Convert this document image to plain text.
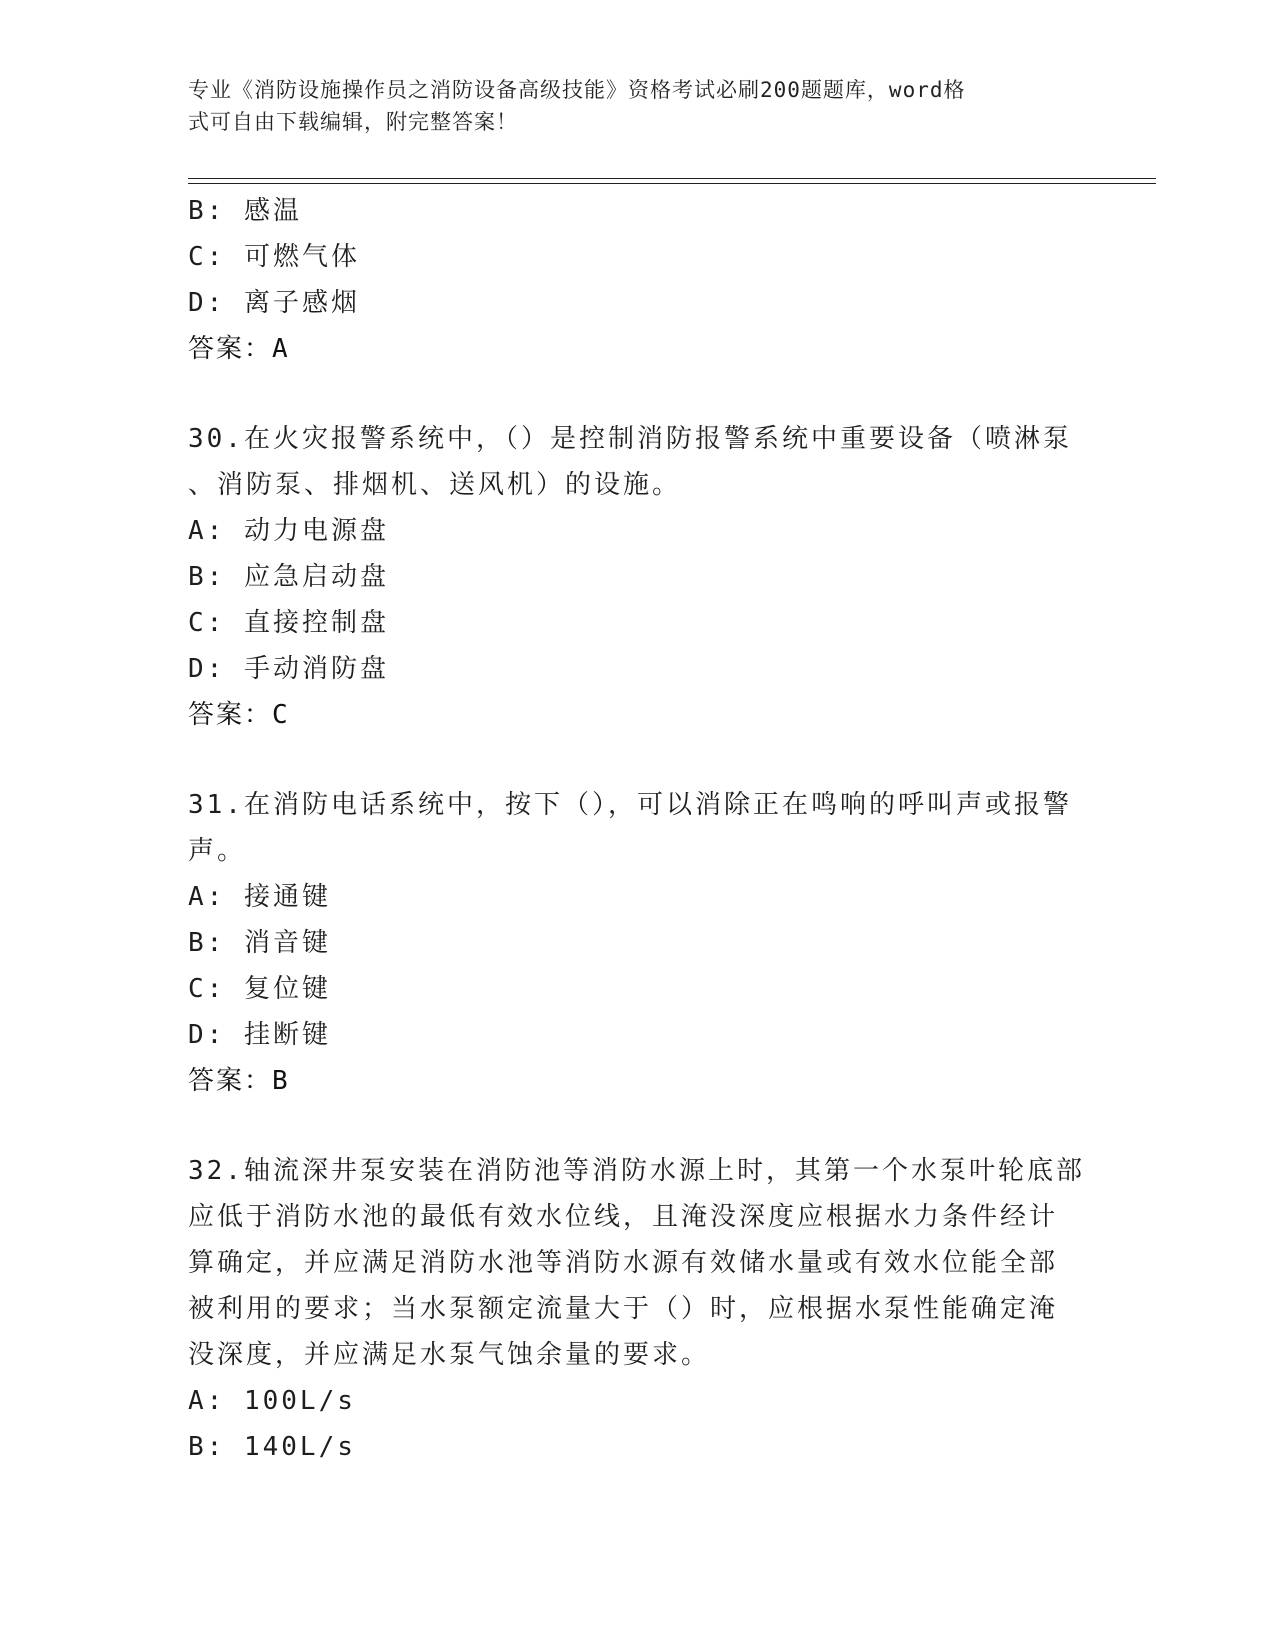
专业《消防设施操作员之消防设备高级技能》资格考试必刷200题题库，word格
式可自由下载编辑，附完整答案！
B: 感温
C: 可燃气体
D: 离子感烟
答案：A
30.在火灾报警系统中，（）是控制消防报警系统中重要设备（喷淋泵
、消防泵、排烟机、送风机）的设施。
A: 动力电源盘
B: 应急启动盘
C: 直接控制盘
D: 手动消防盘
答案：C
31.在消防电话系统中，按下（），可以消除正在鸣响的呼叫声或报警
声。
A: 接通键
B: 消音键
C: 复位键
D: 挂断键
答案：B
32.轴流深井泵安装在消防池等消防水源上时，其第一个水泵叶轮底部
应低于消防水池的最低有效水位线，且淹没深度应根据水力条件经计
算确定，并应满足消防水池等消防水源有效储水量或有效水位能全部
被利用的要求；当水泵额定流量大于（）时，应根据水泵性能确定淹
没深度，并应满足水泵气蚀余量的要求。
A: 100L/s
B: 140L/s
